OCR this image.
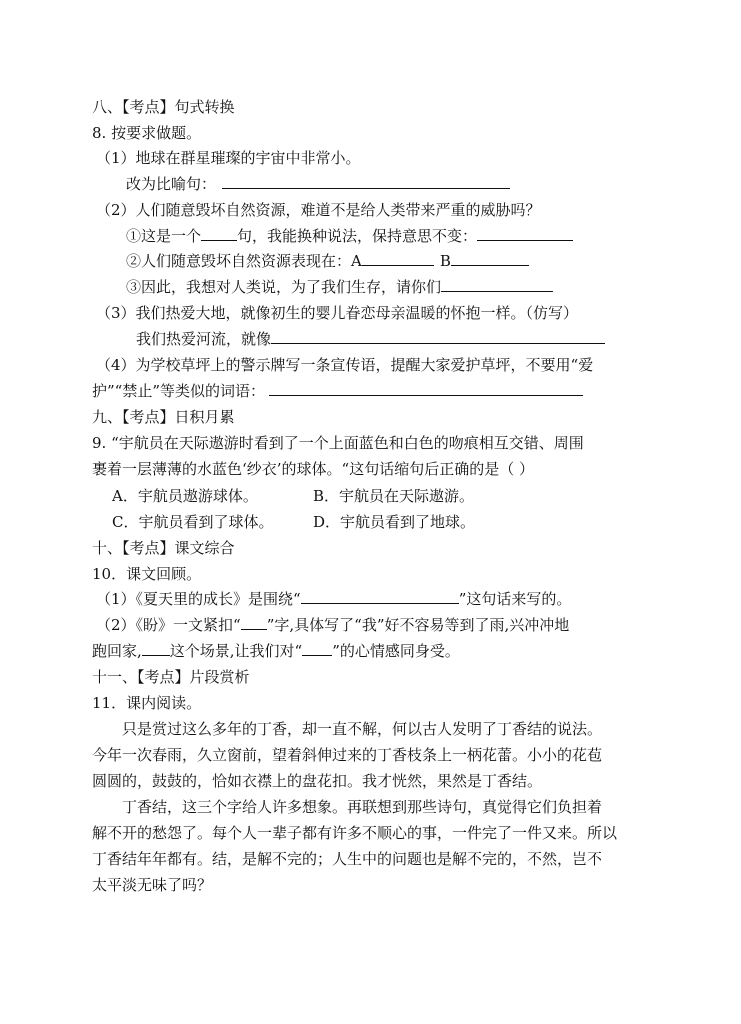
八、【考点】句式转换
8. 按要求做题。
（1）地球在群星璀璨的宇宙中非常小。
改为比喻句：
（2）人们随意毁坏自然资源，难道不是给人类带来严重的威胁吗？
①这是一个 句，我能换种说法，保持意思不变：
②人们随意毁坏自然资源表现在：A	B
③因此，我想对人类说，为了我们生存，请你们
（3）我们热爱大地，就像初生的婴儿眷恋母亲温暖的怀抱一样。（仿写）
我们热爱河流，就像
（4）为学校草坪上的警示牌写一条宣传语，提醒大家爱护草坪，不要用“爱
护”“禁止”等类似的词语：
九、【考点】日积月累
9. “宇航员在天际遨游时看到了一个上面蓝色和白色的吻痕相互交错、周围
裹着一层薄薄的水蓝色‘纱衣’的球体。“这句话缩句后正确的是（ ）
A．宇航员遨游球体。	B．宇航员在天际遨游。
C．宇航员看到了球体。	D．宇航员看到了地球。
十、【考点】课文综合
10．课文回顾。
（1）《夏天里的成长》是围绕“	”这句话来写的。
（2）《盼》一文紧扣“ ”字,具体写了“我”好不容易等到了雨,兴冲冲地
跑回家, 这个场景,让我们对“ ”的心情感同身受。
十一、【考点】片段赏析
11．课内阅读。
只是赏过这么多年的丁香，却一直不解，何以古人发明了丁香结的说法。
今年一次春雨，久立窗前，望着斜伸过来的丁香枝条上一柄花蕾。小小的花苞
圆圆的，鼓鼓的，恰如衣襟上的盘花扣。我才恍然，果然是丁香结。
丁香结，这三个字给人许多想象。再联想到那些诗句，真觉得它们负担着
解不开的愁怨了。每个人一辈子都有许多不顺心的事，一件完了一件又来。所以
丁香结年年都有。结，是解不完的；人生中的问题也是解不完的，不然，岂不
太平淡无味了吗？
